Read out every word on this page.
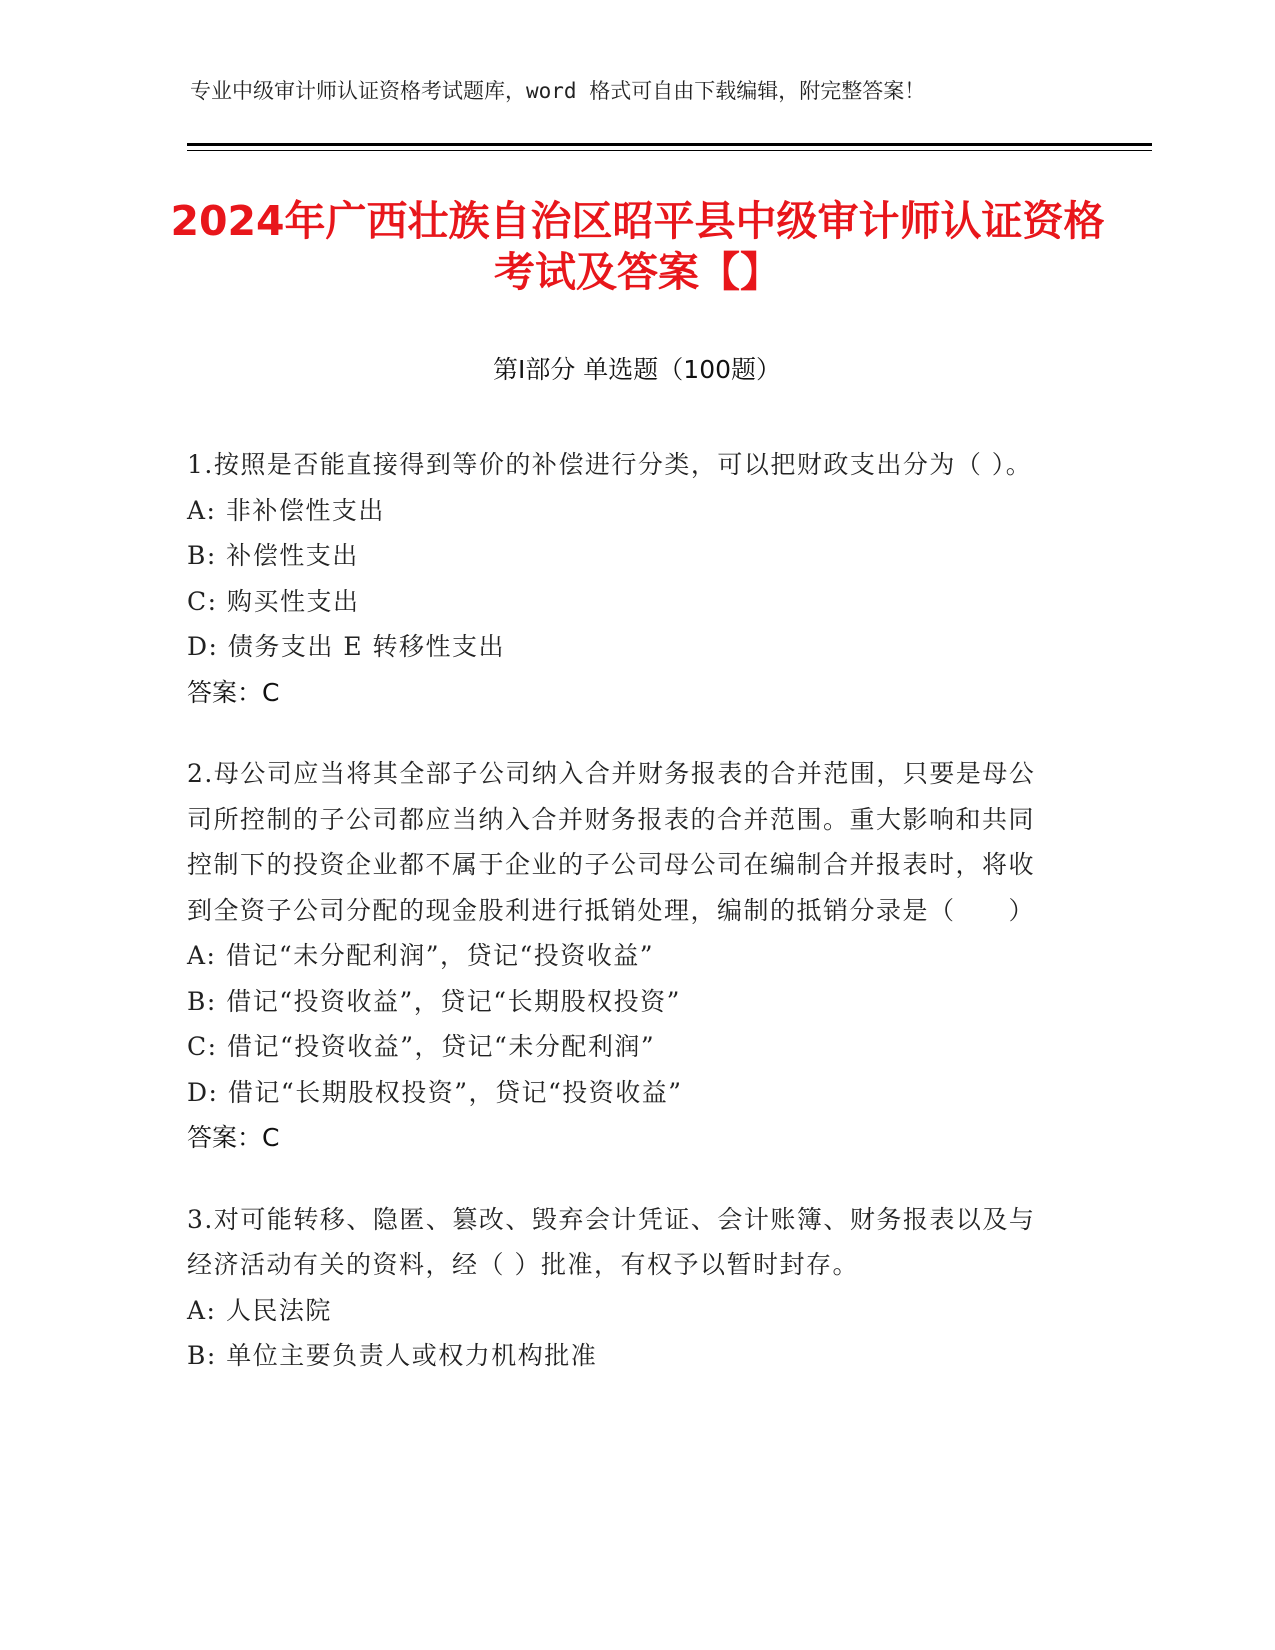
专业中级审计师认证资格考试题库，word 格式可自由下载编辑，附完整答案！
2024年广西壮族自治区昭平县中级审计师认证资格考试及答案【】
第Ⅰ部分 单选题（100题）

1.按照是否能直接得到等价的补偿进行分类，可以把财政支出分为（ ）。

A: 非补偿性支出

B: 补偿性支出

C: 购买性支出

D: 债务支出 E 转移性支出

答案：C

2.母公司应当将其全部子公司纳入合并财务报表的合并范围，只要是母公司所控制的子公司都应当纳入合并财务报表的合并范围。重大影响和共同控制下的投资企业都不属于企业的子公司母公司在编制合并报表时，将收到全资子公司分配的现金股利进行抵销处理，编制的抵销分录是（　　）

A: 借记“未分配利润”，贷记“投资收益”

B: 借记“投资收益”，贷记“长期股权投资”

C: 借记“投资收益”，贷记“未分配利润”

D: 借记“长期股权投资”，贷记“投资收益”

答案：C

3.对可能转移、隐匿、篡改、毁弃会计凭证、会计账簿、财务报表以及与经济活动有关的资料，经（ ）批准，有权予以暂时封存。

A: 人民法院

B: 单位主要负责人或权力机构批准
